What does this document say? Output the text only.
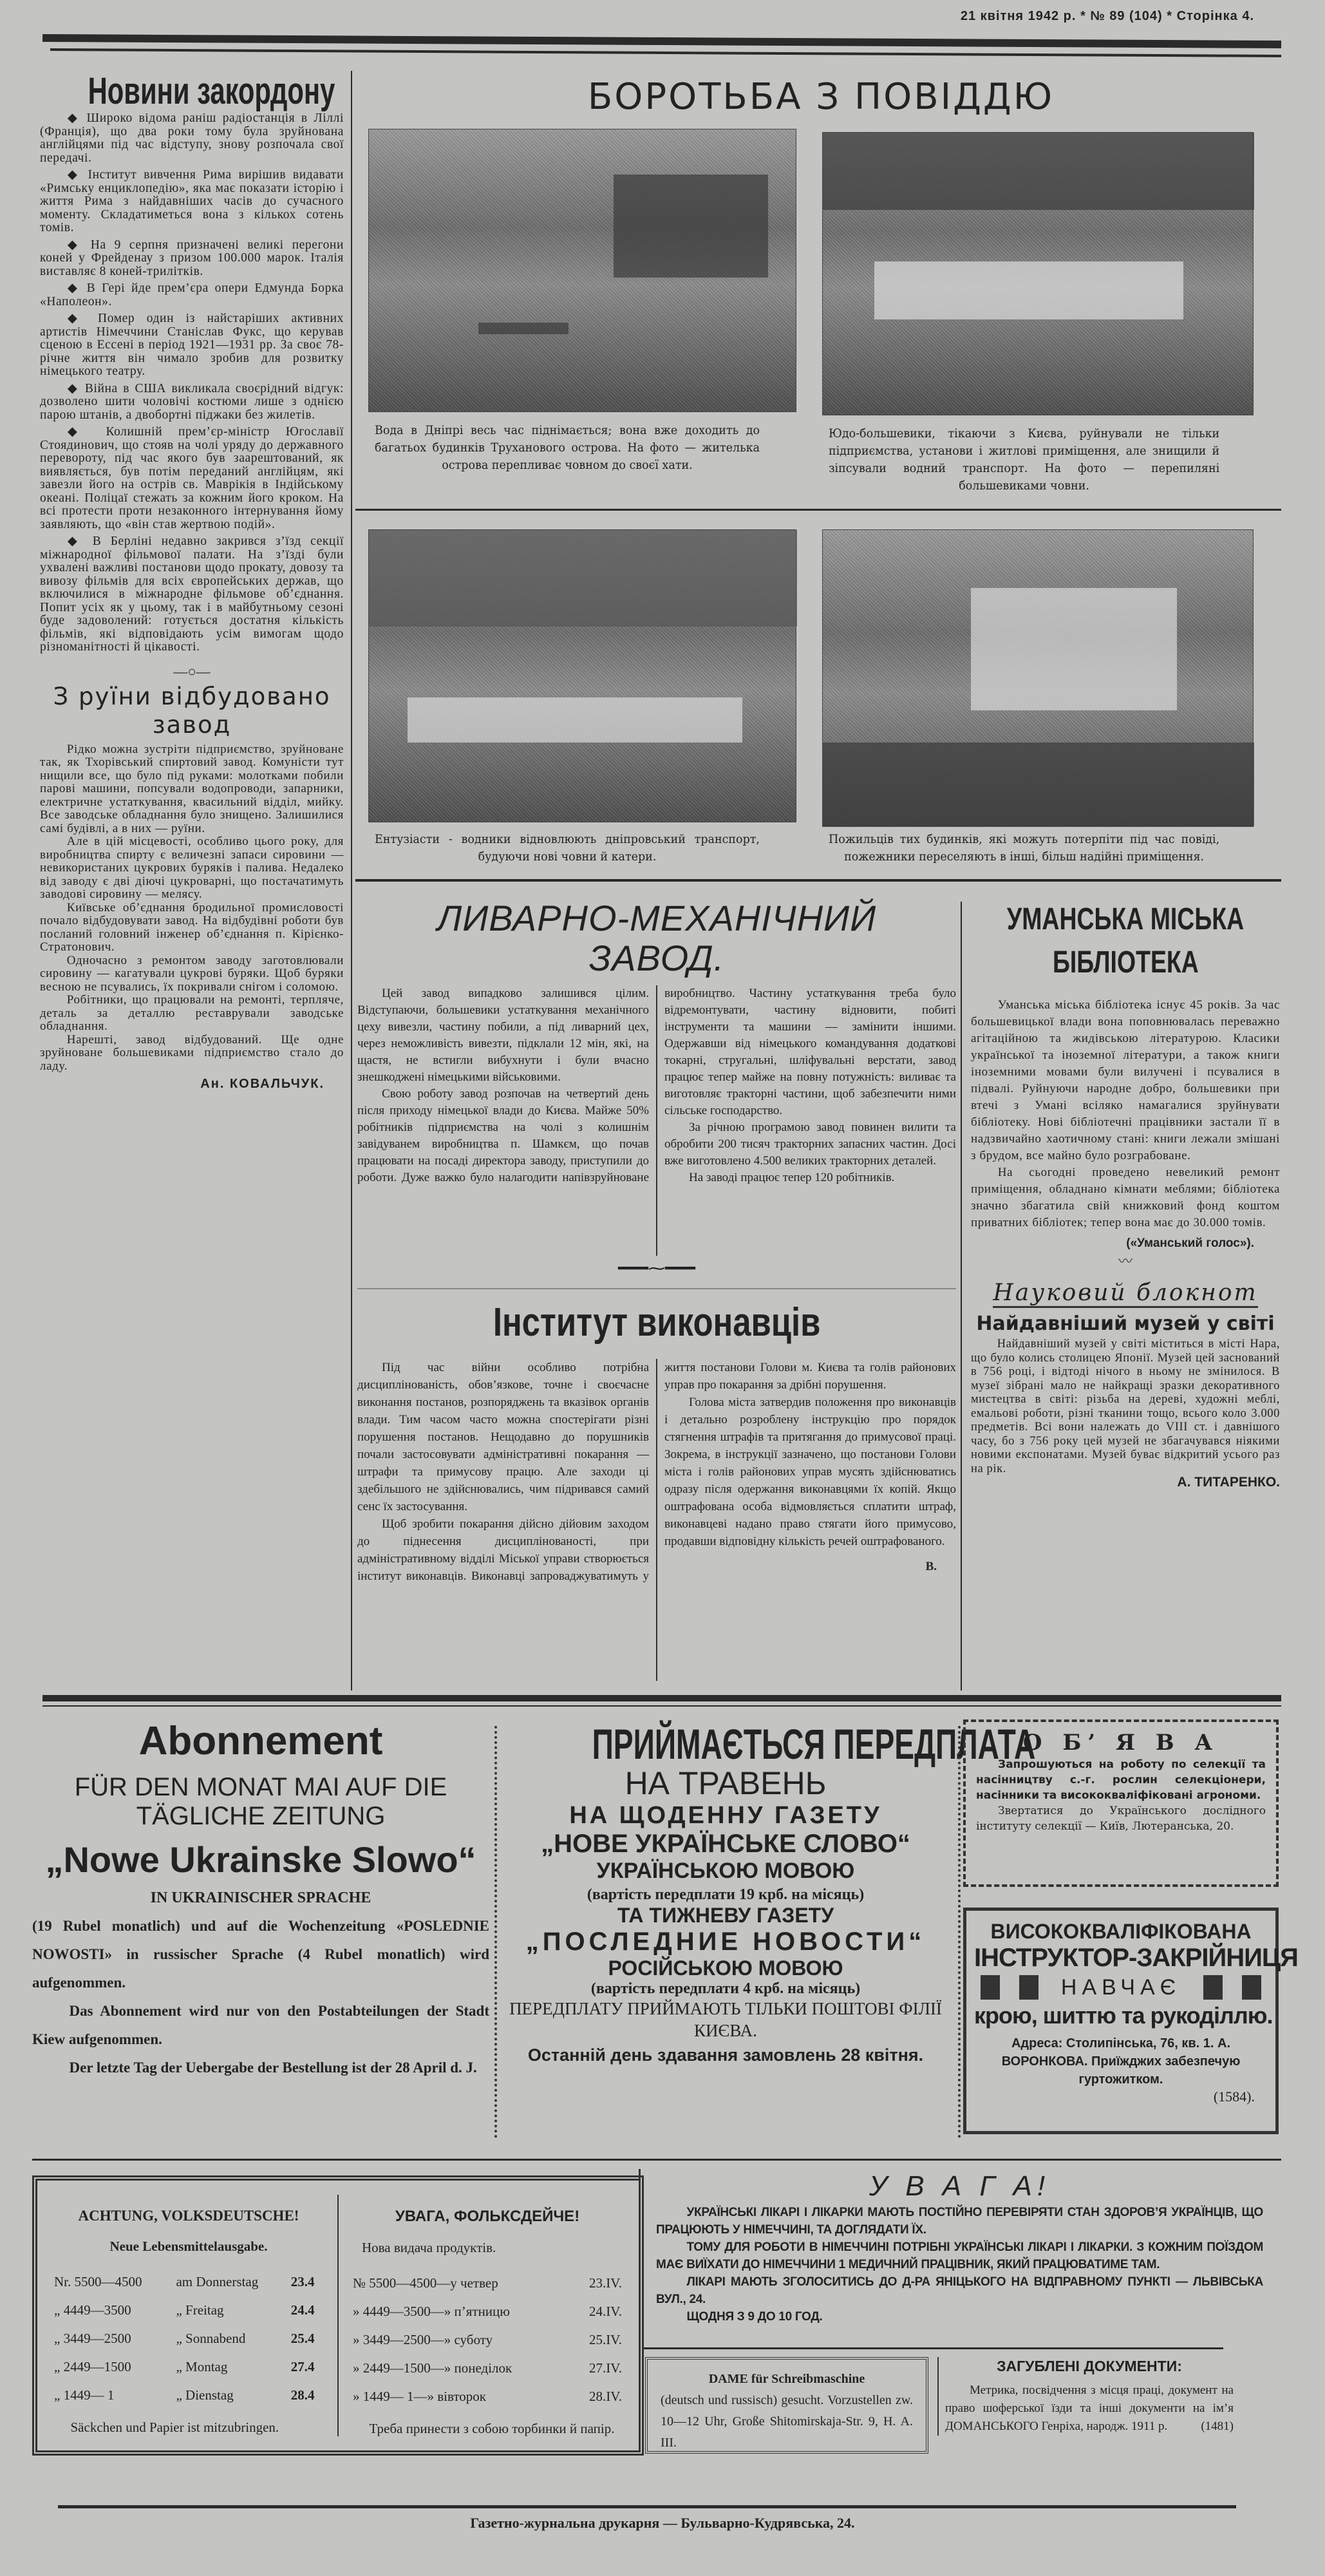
21 квітня 1942 р. * № 89 (104) * Сторінка 4.
Новини закордону

◆ Широко відома раніш радіостанція в Ліллі (Франція), що два роки тому була зруйнована англійцями під час відступу, знову розпочала свої передачі.

◆ Інститут вивчення Рима вирішив видавати «Римську енциклопедію», яка має показати історію і життя Рима з найдавніших часів до сучасного моменту. Складатиметься вона з кількох сотень томів.

◆ На 9 серпня призначені великі перегони коней у Фрейденау з призом 100.000 марок. Італія виставляє 8 коней-трилітків.

◆ В Гері йде прем’єра опери Едмунда Борка «Наполеон».

◆ Помер один із найстаріших активних артистів Німеччини Станіслав Фукс, що керував сценою в Ессені в період 1921—1931 рр. За своє 78-річне життя він чимало зробив для розвитку німецького театру.

◆ Війна в США викликала своєрідний відгук: дозволено шити чоловічі костюми лише з однією парою штанів, а двобортні піджаки без жилетів.

◆ Колишній прем’єр-міністр Югославії Стоядинович, що стояв на чолі уряду до державного перевороту, під час якого був заарештований, як виявляється, був потім переданий англійцям, які завезли його на острів св. Маврікія в Індійському океані. Поліцаї стежать за кожним його кроком. На всі протести проти незаконного інтернування йому заявляють, що «він став жертвою подій».

◆ В Берліні недавно закрився з’їзд секції міжнародної фільмової палати. На з’їзді були ухвалені важливі постанови щодо прокату, довозу та вивозу фільмів для всіх європейських держав, що включилися в міжнародне фільмове об’єднання. Попит усіх як у цьому, так і в майбутньому сезоні буде задоволений: готується достатня кількість фільмів, які відповідають усім вимогам щодо різноманітності й цікавості.

—○—
З руїни відбудовано завод

Рідко можна зустріти підприємство, зруйноване так, як Тхорівський спиртовий завод. Комуністи тут нищили все, що було під руками: молотками побили парові машини, попсували водопроводи, запарники, електричне устаткування, квасильний відділ, мийку. Все заводське обладнання було знищено. Залишилися самі будівлі, а в них — руїни.

Але в цій місцевості, особливо цього року, для виробництва спирту є величезні запаси сировини — невикористаних цукрових буряків і палива. Недалеко від заводу є дві діючі цукроварні, що постачатимуть заводові сировину — мелясу.

Київське об’єднання бродильної промисловості почало відбудовувати завод. На відбудівні роботи був посланий головний інженер об’єднання п. Кірієнко-Стратонович.

Одночасно з ремонтом заводу заготовлювали сировину — кагатували цукрові буряки. Щоб буряки весною не псувались, їх покривали снігом і соломою.

Робітники, що працювали на ремонті, терпляче, деталь за деталлю реставрували заводське обладнання.

Нарешті, завод відбудований. Ще одне зруйноване большевиками підприємство стало до ладу.

Ан. КОВАЛЬЧУК.
БОРОТЬБА З ПОВІДДЮ
Вода в Дніпрі весь час піднімається; вона вже доходить до багатьох будинків Труханового острова. На фото — жителька острова перепливає човном до своєї хати.
Юдо-большевики, тікаючи з Києва, руйнували не тільки підприємства, установи і житлові приміщення, але знищили й зіпсували водний транспорт. На фото — перепиляні большевиками човни.
Ентузіасти - водники відновлюють дніпровський транспорт, будуючи нові човни й катери.
Пожильців тих будинків, які можуть потерпіти під час повіді, пожежники переселяють в інші, більш надійні приміщення.
ЛИВАРНО-МЕХАНІЧНИЙ
ЗАВОД.

Цей завод випадково залишився цілим. Відступаючи, большевики устаткування механічного цеху вивезли, частину побили, а під ливарний цех, через неможливість вивезти, підклали 12 мін, які, на щастя, не встигли вибухнути і були вчасно знешкоджені німецькими військовими.

Свою роботу завод розпочав на четвертий день після приходу німецької влади до Києва. Майже 50% робітників підприємства на чолі з колишнім завідуванем виробництва п. Шамкєм, що почав працювати на посаді директора заводу, приступили до роботи. Дуже важко було налагодити напівзруйноване виробництво. Частину устаткування треба було відремонтувати, частину відновити, побиті інструменти та машини — замінити іншими. Одержавши від німецького командування додаткові токарні, стругальні, шліфувальні верстати, завод працює тепер майже на повну потужність: виливає та виготовляє тракторні частини, щоб забезпечити ними сільське господарство.

За річною програмою завод повинен вилити та обробити 200 тисяч тракторних запасних частин. Досі вже виготовлено 4.500 великих тракторних деталей.

На заводі працює тепер 120 робітників.

━━━⁓━━━
Інститут виконавців

Під час війни особливо потрібна дисциплінованість, обов’язкове, точне і своєчасне виконання постанов, розпоряджень та вказівок органів влади. Тим часом часто можна спостерігати різні порушення постанов. Нещодавно до порушників почали застосовувати адміністративні покарання — штрафи та примусову працю. Але заходи ці здебільшого не здійснювались, чим підривався самий сенс їх застосування.

Щоб зробити покарання дійсно дійовим заходом до піднесення дисциплінованості, при адміністративному відділі Міської управи створюється інститут виконавців. Виконавці запроваджуватимуть у життя постанови Голови м. Києва та голів районових управ про покарання за дрібні порушення.

Голова міста затвердив положення про виконавців і детально розроблену інструкцію про порядок стягнення штрафів та притягання до примусової праці. Зокрема, в інструкції зазначено, що постанови Голови міста і голів районових управ мусять здійснюватись одразу після одержання виконавцями їх копій. Якщо оштрафована особа відмовляється сплатити штраф, виконавцеві надано право стягати його примусово, продавши відповідну кількість речей оштрафованого.

В.

УМАНСЬКА МІСЬКА
БІБЛІОТЕКА

Уманська міська бібліотека існує 45 років. За час большевицької влади вона поповнювалась переважно агітаційною та жидівською літературою. Класики української та іноземної літератури, а також книги іноземними мовами були вилучені і псувалися в підвалі. Руйнуючи народне добро, большевики при втечі з Умані всіляко намагалися зруйнувати бібліотеку. Нові бібліотечні працівники застали її в надзвичайно хаотичному стані: книги лежали змішані з брудом, все майно було розграбоване.

На сьогодні проведено невеликий ремонт приміщення, обладнано кімнати меблями; бібліотека значно збагатила свій книжковий фонд коштом приватних бібліотек; тепер вона має до 30.000 томів.

(«Уманський голос»).
〰
Науковий блокнот
Найдавніший музей у світі

Найдавніший музей у світі міститься в місті Нара, що було колись столицею Японії. Музей цей заснований в 756 році, і відтоді нічого в ньому не змінилося. В музеї зібрані мало не найкращі зразки декоративного мистецтва в світі: різьба на дереві, художні меблі, емальові роботи, різні тканини тощо, всього коло 3.000 предметів. Всі вони належать до VIII ст. і давнішого часу, бо з 756 року цей музей не збагачувався ніякими новими експонатами. Музей буває відкритий усього раз на рік.

А. ТИТАРЕНКО.
Abonnement
FÜR DEN MONAT MAI AUF DIE
TÄGLICHE ZEITUNG
„Nowe Ukrainske Slowo“
IN UKRAINISCHER SPRACHE

(19 Rubel monatlich) und auf die Wochenzeitung «POSLEDNIE NOWOSTI» in russischer Sprache (4 Rubel monatlich) wird aufgenommen.

Das Abonnement wird nur von den Postabteilungen der Stadt Kiew aufgenommen.

Der letzte Tag der Uebergabe der Bestellung ist der 28 April d. J.

ПРИЙМАЄТЬСЯ ПЕРЕДПЛАТА
НА ТРАВЕНЬ
НА ЩОДЕННУ ГАЗЕТУ
„НОВЕ УКРАЇНСЬКЕ СЛОВО“
УКРАЇНСЬКОЮ МОВОЮ
(вартість передплати 19 крб. на місяць)
ТА ТИЖНЕВУ ГАЗЕТУ
„ПОСЛЕДНИЕ НОВОСТИ“
РОСІЙСЬКОЮ МОВОЮ
(вартість передплати 4 крб. на місяць)
ПЕРЕДПЛАТУ ПРИЙМАЮТЬ ТІЛЬКИ ПОШТОВІ ФІЛІЇ КИЄВА.
Останній день здавання замовлень 28 квітня.
О Б’ Я В А

Запрошуються на роботу по селекції та насінництву с.-г. рослин селекціонери, насінники та висококваліфіковані агрономи.

Звертатися до Українського дослідного інституту селекції — Київ, Лютеранська, 20.

ВИСОКОКВАЛІФІКОВАНА
ІНСТРУКТОР-ЗАКРІЙНИЦЯ
НАВЧАЄ
крою, шиттю та рукоділлю.
Адреса: Столипінська, 76, кв. 1. А. ВОРОНКОВА. Приїжджих забезпечую гуртожитком.
(1584).
ACHTUNG, VOLKSDEUTSCHE!
Neue Lebensmittelausgabe.
Nr. 5500—4500	am Donnerstag	23.4
„ 4449—3500	„ Freitag	24.4
„ 3449—2500	„ Sonnabend	25.4
„ 2449—1500	„ Montag	27.4
„ 1449— 1	„ Dienstag	28.4

Säckchen und Papier ist mitzubringen.

УВАГА, ФОЛЬКСДЕЙЧЕ!
Нова видача продуктів.
№ 5500—4500—у четвер	23.IV.
» 4449—3500—» п’ятницю	24.IV.
» 3449—2500—» суботу	25.IV.
» 2449—1500—» понеділок	27.IV.
» 1449— 1—» вівторок	28.IV.

Треба принести з собою торбинки й папір.

У В А Г А!

УКРАЇНСЬКІ ЛІКАРІ І ЛІКАРКИ МАЮТЬ ПОСТІЙНО ПЕРЕВІРЯТИ СТАН ЗДОРОВ’Я УКРАЇНЦІВ, ЩО ПРАЦЮЮТЬ У НІМЕЧЧИНІ, ТА ДОГЛЯДАТИ ЇХ.

ТОМУ ДЛЯ РОБОТИ В НІМЕЧЧИНІ ПОТРІБНІ УКРАЇНСЬКІ ЛІКАРІ І ЛІКАРКИ. З КОЖНИМ ПОЇЗДОМ МАЄ ВИЇХАТИ ДО НІМЕЧЧИНИ 1 МЕДИЧНИЙ ПРАЦІВНИК, ЯКИЙ ПРАЦЮВАТИМЕ ТАМ.

ЛІКАРІ МАЮТЬ ЗГОЛОСИТИСЬ ДО Д-РА ЯНІЦЬКОГО НА ВІДПРАВНОМУ ПУНКТІ — ЛЬВІВСЬКА ВУЛ., 24.

ЩОДНЯ З 9 ДО 10 ГОД.

DAME für Schreibmaschine

(deutsch und russisch) gesucht. Vorzustellen zw. 10—12 Uhr, Große Shitomirskaja-Str. 9, H. A. III.

ЗАГУБЛЕНІ ДОКУМЕНТИ:

Метрика, посвідчення з місця праці, документ на право шоферської їзди та інші документи на ім’я ДОМАНСЬКОГО Генріха, народж. 1911 р.	(1481)
Газетно-журнальна друкарня — Бульварно-Кудрявська, 24.
